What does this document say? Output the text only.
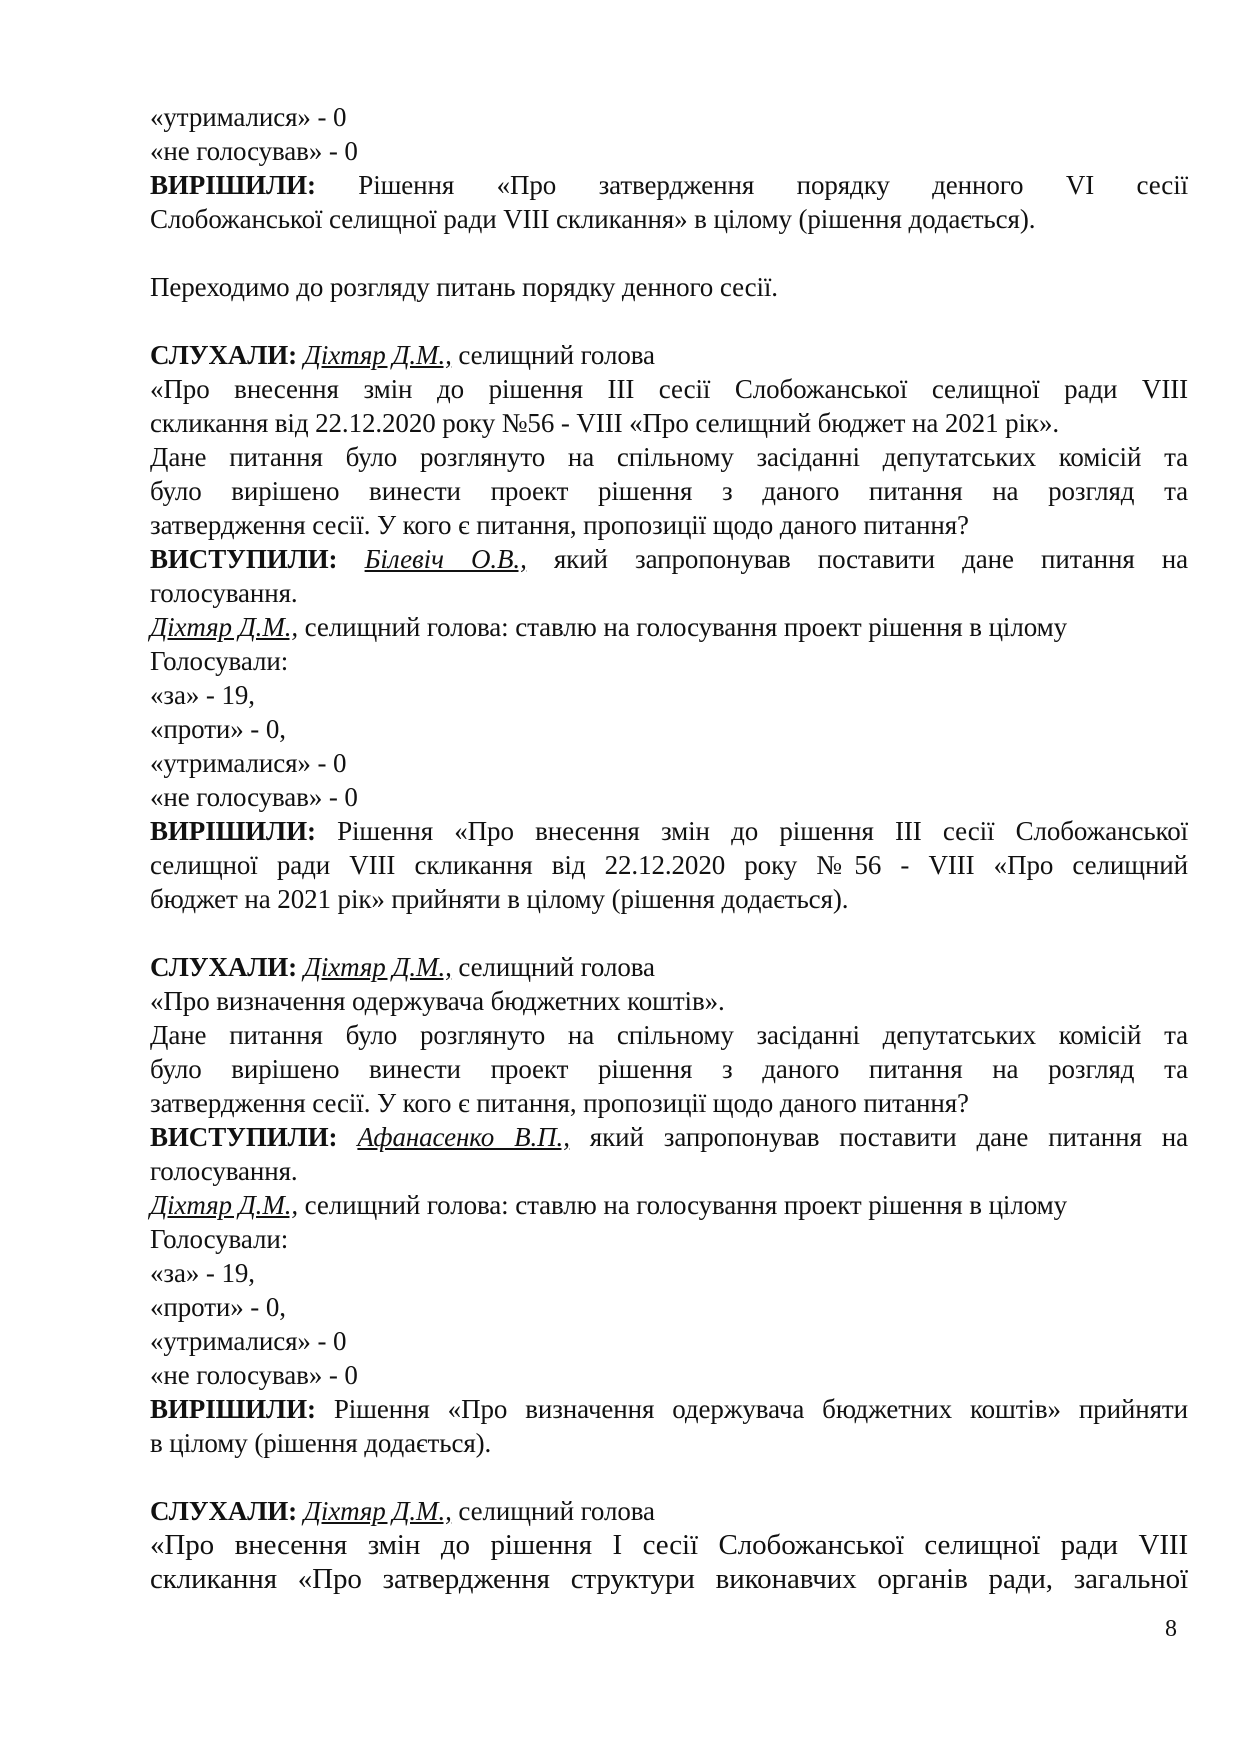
«утрималися» - 0
«не голосував» - 0
ВИРІШИЛИ: Рішення «Про затвердження порядку денного VI сесії
Слобожанської селищної ради VIII скликання» в цілому (рішення додається).
Переходимо до розгляду питань порядку денного сесії.
СЛУХАЛИ: Діхтяр Д.М., селищний голова
«Про внесення змін до рішення III сесії Слобожанської селищної ради VIII
скликання від 22.12.2020 року №56 - VIII «Про селищний бюджет на 2021 рік».
Дане питання було розглянуто на спільному засіданні депутатських комісій та
було вирішено винести проект рішення з даного питання на розгляд та
затвердження сесії. У кого є питання, пропозиції щодо даного питання?
ВИСТУПИЛИ: Білевіч О.В., який запропонував поставити дане питання на
голосування.
Діхтяр Д.М., селищний голова: ставлю на голосування проект рішення в цілому
Голосували:
«за» - 19,
«проти» - 0,
«утрималися» - 0
«не голосував» - 0
ВИРІШИЛИ: Рішення «Про внесення змін до рішення III сесії Слобожанської
селищної ради VIII скликання від 22.12.2020 року №56 - VIII «Про селищний
бюджет на 2021 рік» прийняти в цілому (рішення додається).
СЛУХАЛИ: Діхтяр Д.М., селищний голова
«Про визначення одержувача бюджетних коштів».
Дане питання було розглянуто на спільному засіданні депутатських комісій та
було вирішено винести проект рішення з даного питання на розгляд та
затвердження сесії. У кого є питання, пропозиції щодо даного питання?
ВИСТУПИЛИ: Афанасенко В.П., який запропонував поставити дане питання на
голосування.
Діхтяр Д.М., селищний голова: ставлю на голосування проект рішення в цілому
Голосували:
«за» - 19,
«проти» - 0,
«утрималися» - 0
«не голосував» - 0
ВИРІШИЛИ: Рішення «Про визначення одержувача бюджетних коштів» прийняти
в цілому (рішення додається).
СЛУХАЛИ: Діхтяр Д.М., селищний голова
«Про внесення змін до рішення І сесії Слобожанської селищної ради VIII
скликання «Про затвердження структури виконавчих органів ради, загальної
8
